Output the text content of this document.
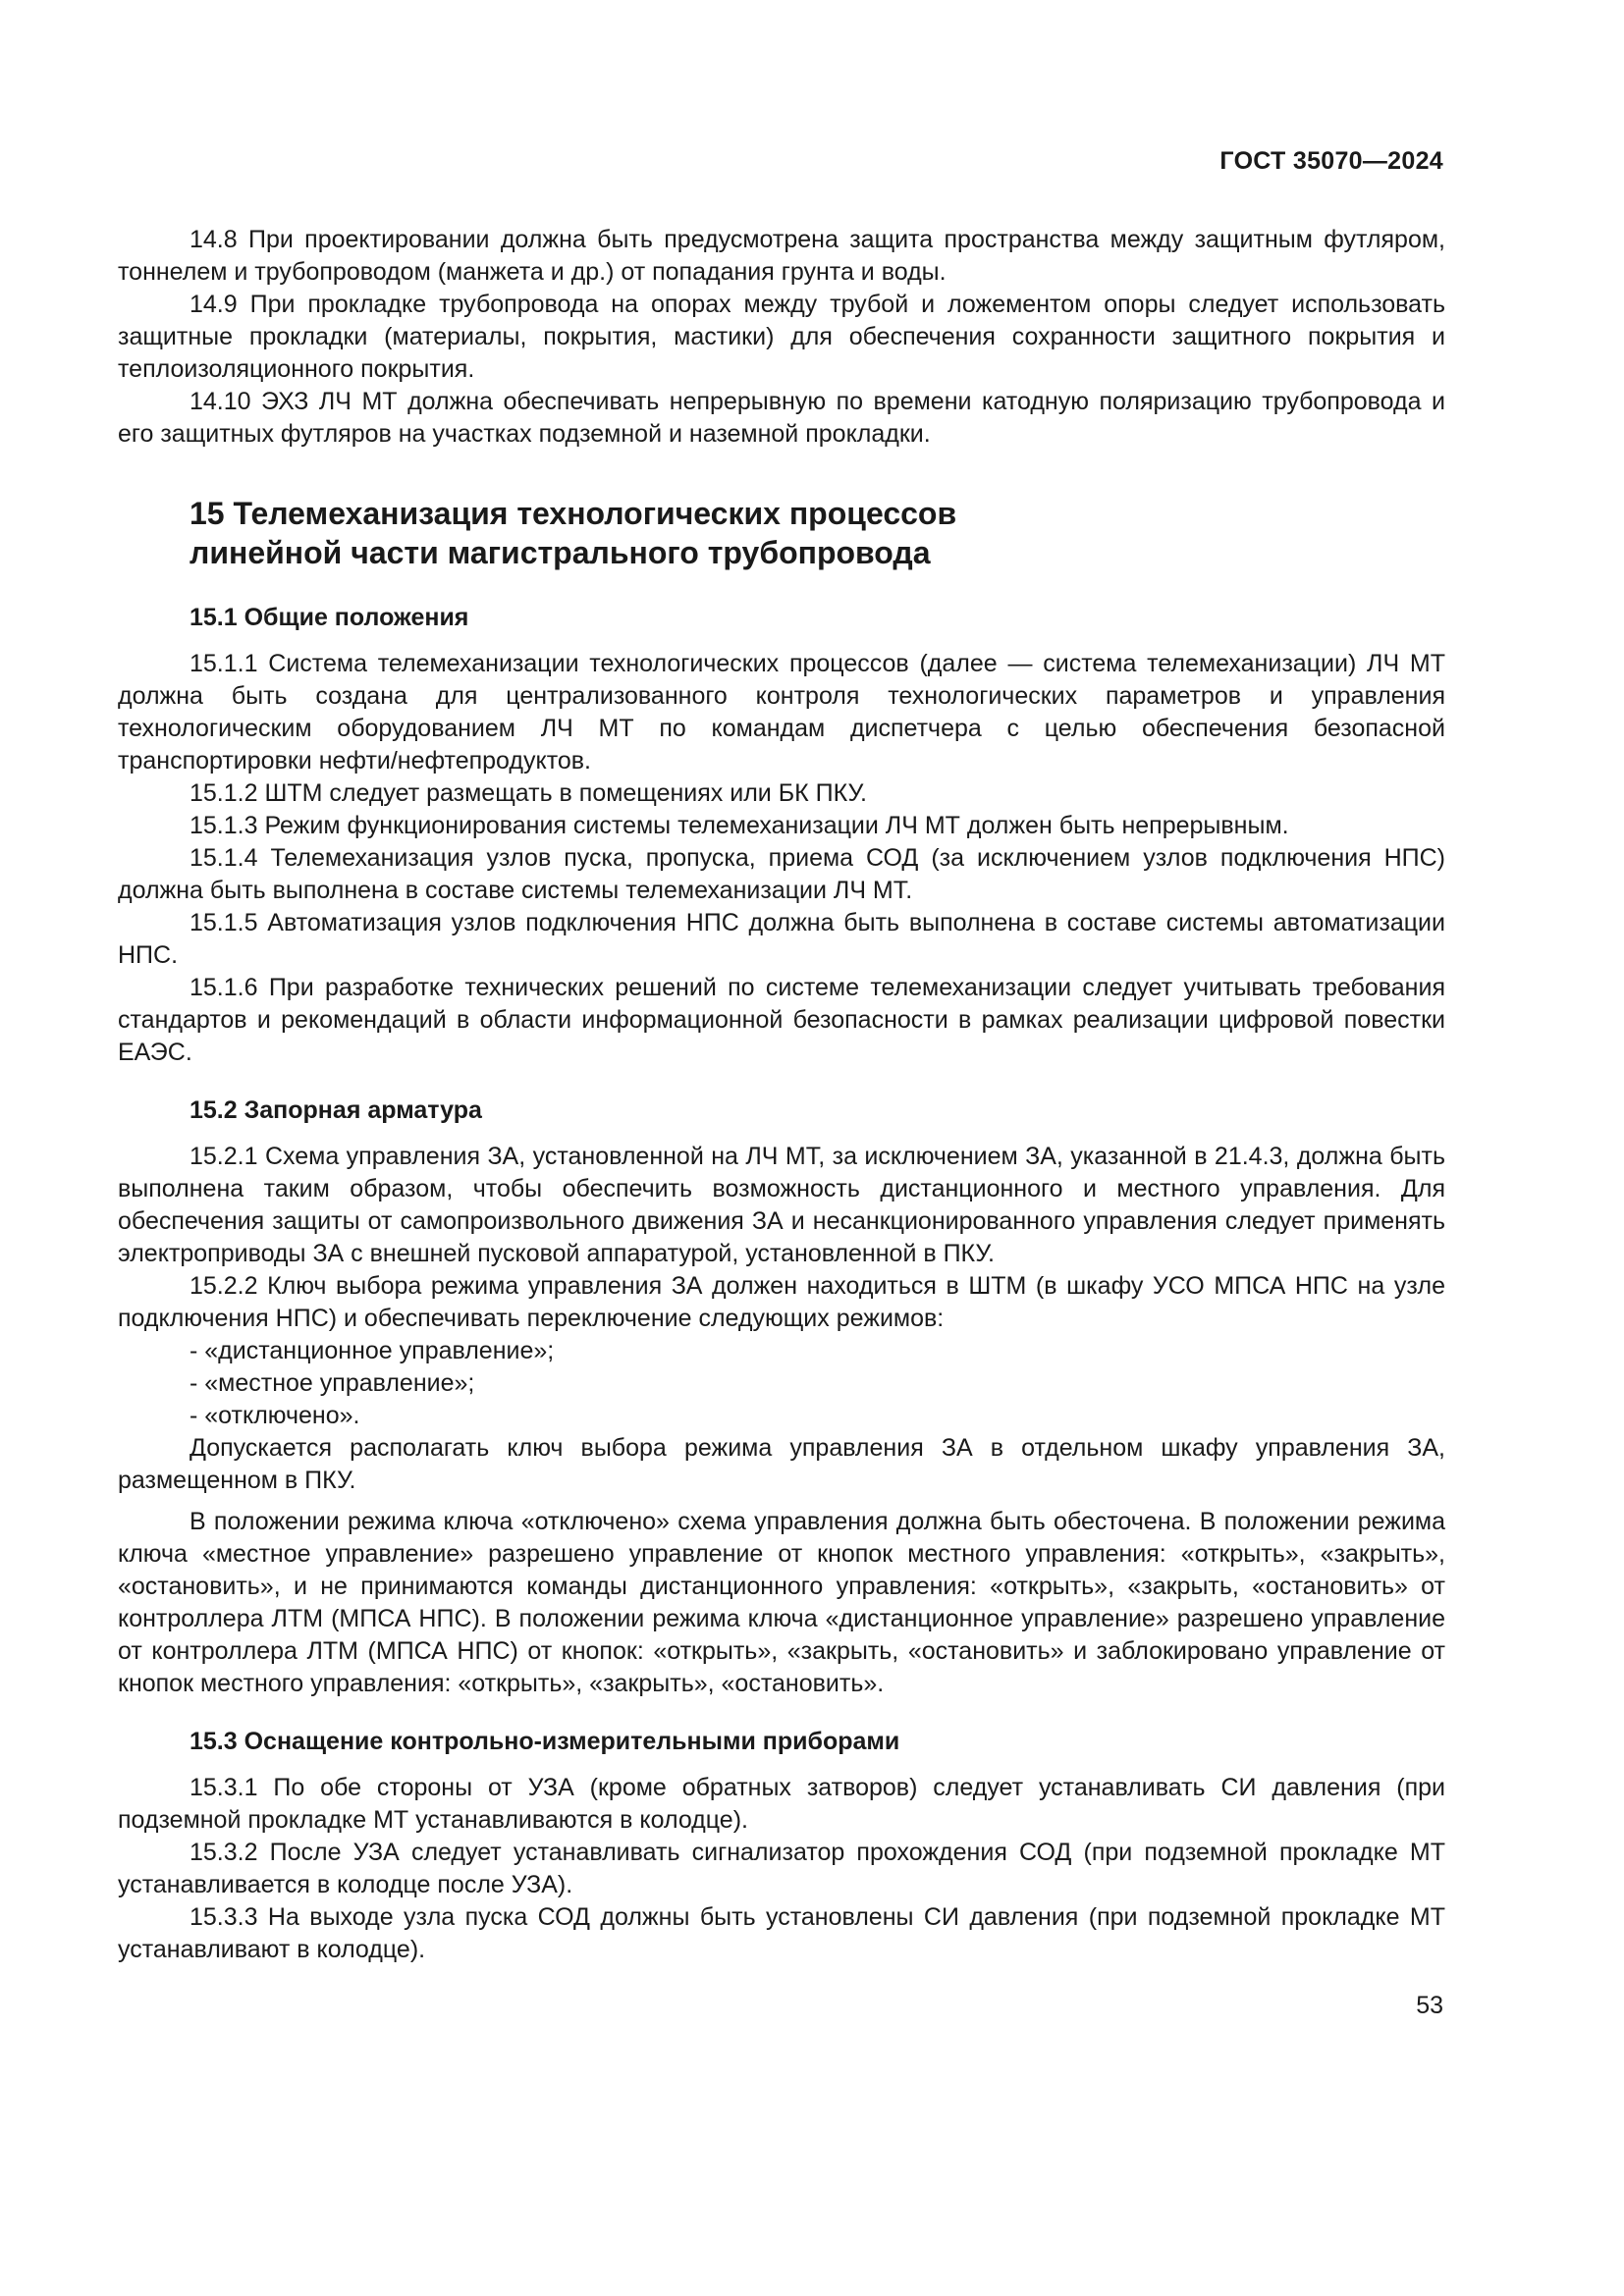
ГОСТ 35070—2024

14.8 При проектировании должна быть предусмотрена защита пространства между защитным футляром, тоннелем и трубопроводом (манжета и др.) от попадания грунта и воды.

14.9 При прокладке трубопровода на опорах между трубой и ложементом опоры следует использовать защитные прокладки (материалы, покрытия, мастики) для обеспечения сохранности защитного покрытия и теплоизоляционного покрытия.

14.10 ЭХЗ ЛЧ МТ должна обеспечивать непрерывную по времени катодную поляризацию трубопровода и его защитных футляров на участках подземной и наземной прокладки.

15 Телемеханизация технологических процессов
линейной части магистрального трубопровода

15.1 Общие положения

15.1.1 Система телемеханизации технологических процессов (далее — система телемеханизации) ЛЧ МТ должна быть создана для централизованного контроля технологических параметров и управления технологическим оборудованием ЛЧ МТ по командам диспетчера с целью обеспечения безопасной транспортировки нефти/нефтепродуктов.

15.1.2 ШТМ следует размещать в помещениях или БК ПКУ.

15.1.3 Режим функционирования системы телемеханизации ЛЧ МТ должен быть непрерывным.

15.1.4 Телемеханизация узлов пуска, пропуска, приема СОД (за исключением узлов подключения НПС) должна быть выполнена в составе системы телемеханизации ЛЧ МТ.

15.1.5 Автоматизация узлов подключения НПС должна быть выполнена в составе системы автоматизации НПС.

15.1.6 При разработке технических решений по системе телемеханизации следует учитывать требования стандартов и рекомендаций в области информационной безопасности в рамках реализации цифровой повестки ЕАЭС.

15.2 Запорная арматура

15.2.1 Схема управления ЗА, установленной на ЛЧ МТ, за исключением ЗА, указанной в 21.4.3, должна быть выполнена таким образом, чтобы обеспечить возможность дистанционного и местного управления. Для обеспечения защиты от самопроизвольного движения ЗА и несанкционированного управления следует применять электроприводы ЗА с внешней пусковой аппаратурой, установленной в ПКУ.

15.2.2 Ключ выбора режима управления ЗА должен находиться в ШТМ (в шкафу УСО МПСА НПС на узле подключения НПС) и обеспечивать переключение следующих режимов:

- «дистанционное управление»;

- «местное управление»;

- «отключено».

Допускается располагать ключ выбора режима управления ЗА в отдельном шкафу управления ЗА, размещенном в ПКУ.

В положении режима ключа «отключено» схема управления должна быть обесточена. В положении режима ключа «местное управление» разрешено управление от кнопок местного управления: «открыть», «закрыть», «остановить», и не принимаются команды дистанционного управления: «открыть», «закрыть, «остановить» от контроллера ЛТМ (МПСА НПС). В положении режима ключа «дистанционное управление» разрешено управление от контроллера ЛТМ (МПСА НПС) от кнопок: «открыть», «закрыть, «остановить» и заблокировано управление от кнопок местного управления: «открыть», «закрыть», «остановить».

15.3 Оснащение контрольно-измерительными приборами

15.3.1 По обе стороны от УЗА (кроме обратных затворов) следует устанавливать СИ давления (при подземной прокладке МТ устанавливаются в колодце).

15.3.2 После УЗА следует устанавливать сигнализатор прохождения СОД (при подземной прокладке МТ устанавливается в колодце после УЗА).

15.3.3 На выходе узла пуска СОД должны быть установлены СИ давления (при подземной прокладке МТ устанавливают в колодце).

53
